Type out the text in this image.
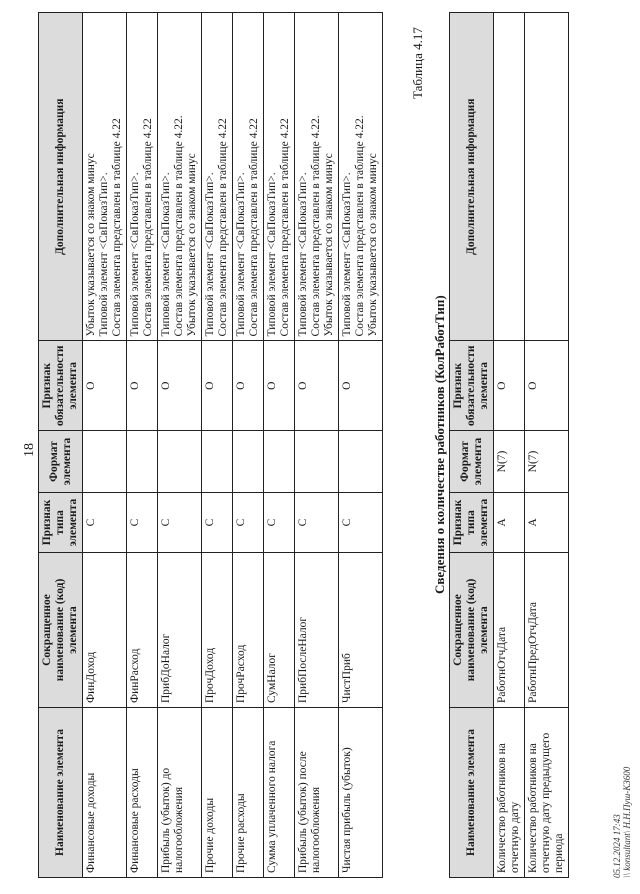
18
Наименование элемента	Сокращенное наименование (код) элемента	Признак типа элемента	Формат элемента	Признак обязательности элемента	Дополнительная информация
Финансовые доходы	ФинДоход	С		О	Убыток указывается со знаком минус
Типовой элемент <СвПоказТип>.
Состав элемента представлен в таблице 4.22
Финансовые расходы	ФинРасход	С		О	Типовой элемент <СвПоказТип>.
Состав элемента представлен в таблице 4.22
Прибыль (убыток) до налогообложения	ПрибДоНалог	С		О	Типовой элемент <СвПоказТип>.
Состав элемента представлен в таблице 4.22.
Убыток указывается со знаком минус
Прочие доходы	ПрочДоход	С		О	Типовой элемент <СвПоказТип>.
Состав элемента представлен в таблице 4.22
Прочие расходы	ПрочРасход	С		О	Типовой элемент <СвПоказТип>.
Состав элемента представлен в таблице 4.22
Сумма уплаченного налога	СумНалог	С		О	Типовой элемент <СвПоказТип>.
Состав элемента представлен в таблице 4.22
Прибыль (убыток) после налогообложения	ПрибПослеНалог	С		О	Типовой элемент <СвПоказТип>.
Состав элемента представлен в таблице 4.22.
Убыток указывается со знаком минус
Чистая прибыль (убыток)	ЧистПриб	С		О	Типовой элемент <СвПоказТип>.
Состав элемента представлен в таблице 4.22.
Убыток указывается со знаком минус
Таблица 4.17
Сведения о количестве работников (КолРаботТип)
Наименование элемента	Сокращенное наименование (код) элемента	Признак типа элемента	Формат элемента	Признак обязательности элемента	Дополнительная информация
Количество работников на отчетную дату	РаботнОтчДата	А	N(7)	О	
Количество работников на отчетную дату предыдущего периода	РаботнПредОтчДата	А	N(7)	О	
05.12.2024 17:43 \\ konsultant\ Н.Н.Пуш-КЗ600
